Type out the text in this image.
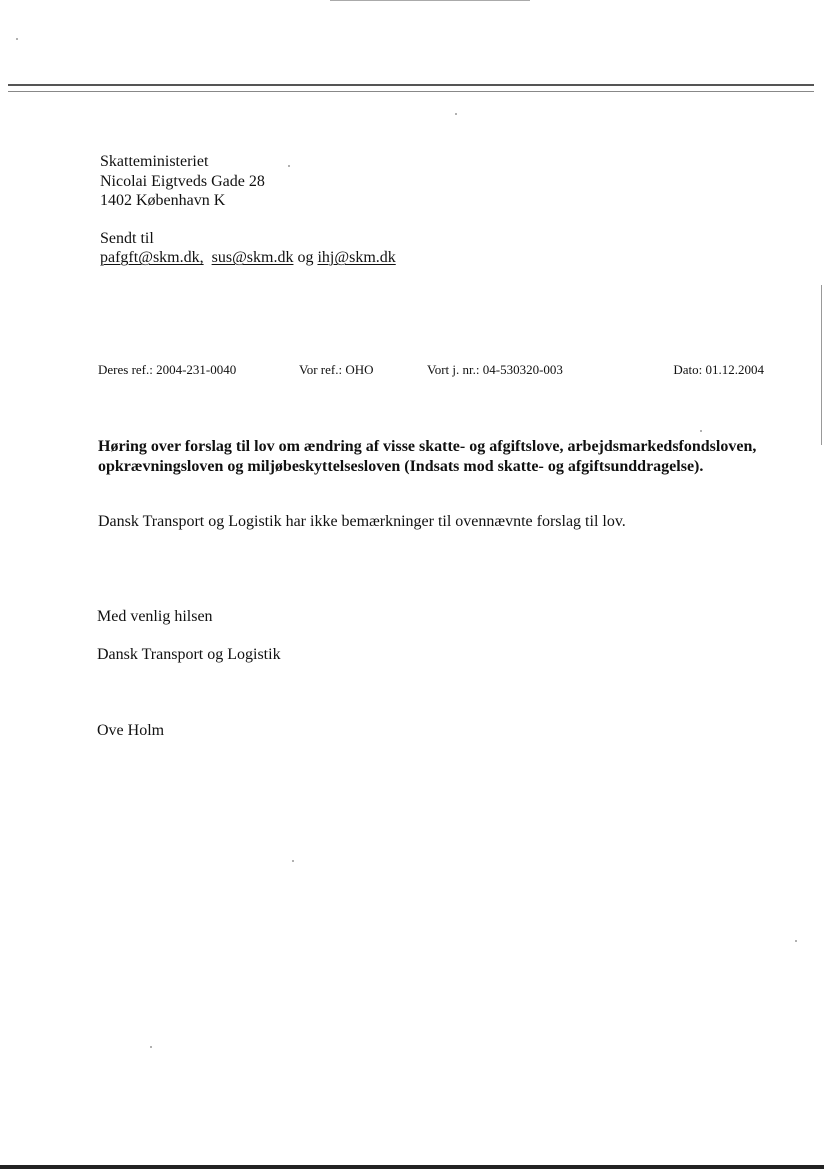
Skatteministeriet
Nicolai Eigtveds Gade 28
1402 København K
Sendt til
pafgft@skm.dk, sus@skm.dk og ihj@skm.dk
Deres ref.: 2004-231-0040	Vor ref.: OHO	Vort j. nr.: 04-530320-003	Dato: 01.12.2004
Høring over forslag til lov om ændring af visse skatte- og afgiftslove, arbejdsmarkedsfondsloven, opkrævningsloven og miljøbeskyttelsesloven (Indsats mod skatte- og afgiftsunddragelse).
Dansk Transport og Logistik har ikke bemærkninger til ovennævnte forslag til lov.
Med venlig hilsen
Dansk Transport og Logistik
Ove Holm
